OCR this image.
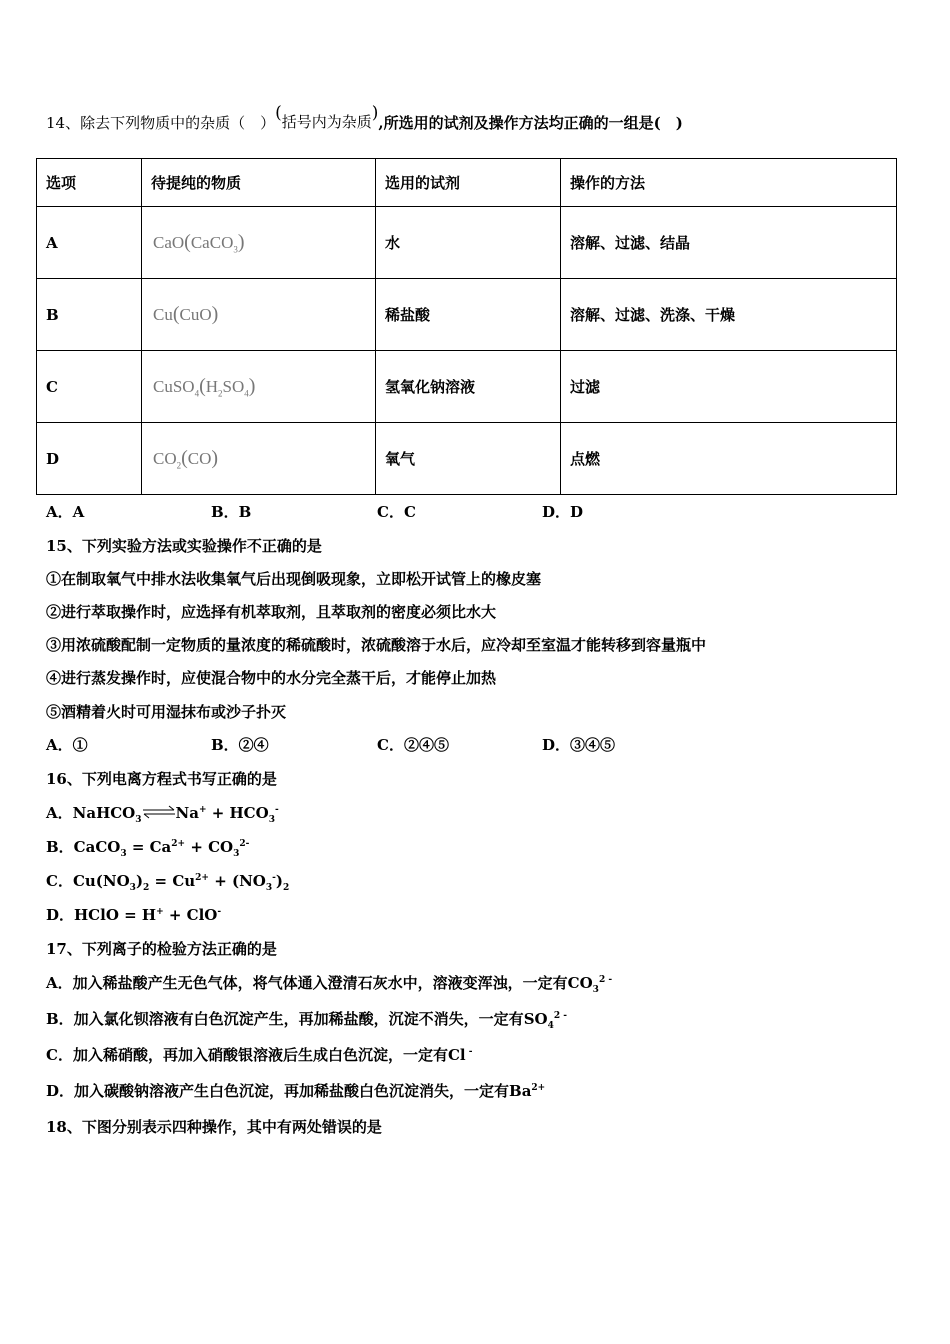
14、除去下列物质中的杂质（　）(括号内为杂质),所选用的试剂及操作方法均正确的一组是(　)
选项	待提纯的物质	选用的试剂	操作的方法
A	CaO(CaCO$_3$)	水	溶解、过滤、结晶
B	Cu(CuO)	稀盐酸	溶解、过滤、洗涤、干燥
C	$CuSO_4(H_2SO_4)$	氢氧化钠溶液	过滤
D	$CO_2(CO)$	氧气	点燃
A．A	B．B	C．C	D．D
15、下列实验方法或实验操作不正确的是
①在制取氧气中排水法收集氧气后出现倒吸现象，立即松开试管上的橡皮塞
②进行萃取操作时，应选择有机萃取剂，且萃取剂的密度必须比水大
③用浓硫酸配制一定物质的量浓度的稀硫酸时，浓硫酸溶于水后，应冷却至室温才能转移到容量瓶中
④进行蒸发操作时，应使混合物中的水分完全蒸干后，才能停止加热
⑤酒精着火时可用湿抹布或沙子扑灭
A．①	B．②④	C．②④⑤	D．③④⑤
16、下列电离方程式书写正确的是
A．NaHCO$_3$ ⇌Na+ + $HCO_3^-$
B．CaCO$_3$ = $Ca^{2+} + CO_3^{2-}$
C．$Cu(NO_3)_2 = Cu^{2+} + (NO_3^-)_2$
D．HClO = H+ + ClO-
17、下列离子的检验方法正确的是
A．加入稀盐酸产生无色气体，将气体通入澄清石灰水中，溶液变浑浊，一定有$CO_3^{2 -}$
B．加入氯化钡溶液有白色沉淀产生，再加稀盐酸，沉淀不消失，一定有$SO_4^{2 -}$
C．加入稀硝酸，再加入硝酸银溶液后生成白色沉淀，一定有Cl -
D．加入碳酸钠溶液产生白色沉淀，再加稀盐酸白色沉淀消失，一定有$Ba^{2+}$
18、下图分别表示四种操作，其中有两处错误的是
